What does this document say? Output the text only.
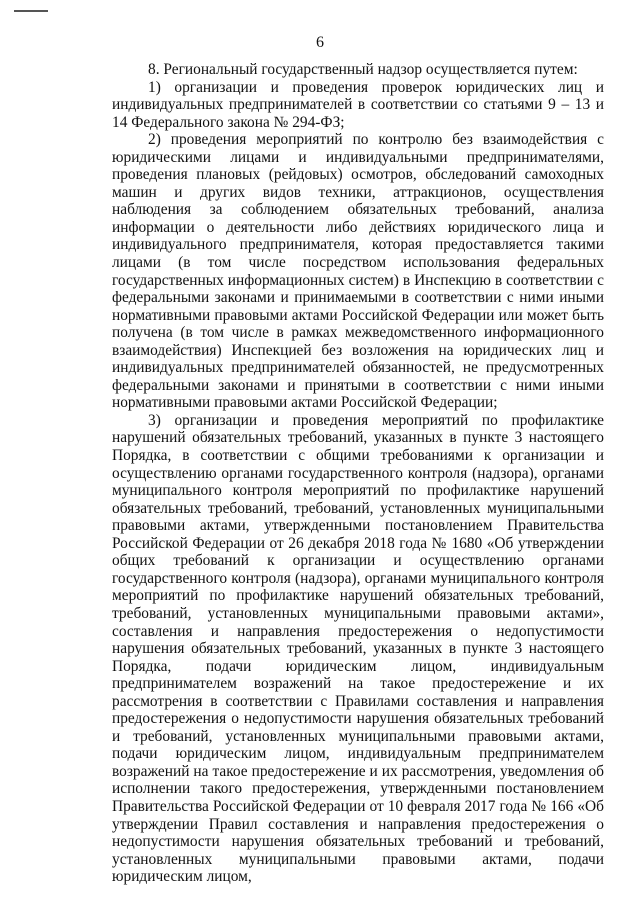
6

8. Региональный государственный надзор осуществляется путем:

1) организации и проведения проверок юридических лиц и индивидуальных предпринимателей в соответствии со статьями 9 – 13 и 14 Федерального закона № 294-ФЗ;

2) проведения мероприятий по контролю без взаимодействия с юридическими лицами и индивидуальными предпринимателями, проведения плановых (рейдовых) осмотров, обследований самоходных машин и других видов техники, аттракционов, осуществления наблюдения за соблюдением обязательных требований, анализа информации о деятельности либо действиях юридического лица и индивидуального предпринимателя, которая предоставляется такими лицами (в том числе посредством использования федеральных государственных информационных систем) в Инспекцию в соответствии с федеральными законами и принимаемыми в соответствии с ними иными нормативными правовыми актами Российской Федерации или может быть получена (в том числе в рамках межведомственного информационного взаимодействия) Инспекцией без возложения на юридических лиц и индивидуальных предпринимателей обязанностей, не предусмотренных федеральными законами и принятыми в соответствии с ними иными нормативными правовыми актами Российской Федерации;

3) организации и проведения мероприятий по профилактике нарушений обязательных требований, указанных в пункте 3 настоящего Порядка, в соответствии с общими требованиями к организации и осуществлению органами государственного контроля (надзора), органами муниципального контроля мероприятий по профилактике нарушений обязательных требований, требований, установленных муниципальными правовыми актами, утвержденными постановлением Правительства Российской Федерации от 26 декабря 2018 года № 1680 «Об утверждении общих требований к организации и осуществлению органами государственного контроля (надзора), органами муниципального контроля мероприятий по профилактике нарушений обязательных требований, требований, установленных муниципальными правовыми актами», составления и направления предостережения о недопустимости нарушения обязательных требований, указанных в пункте 3 настоящего Порядка, подачи юридическим лицом, индивидуальным предпринимателем возражений на такое предостережение и их рассмотрения в соответствии с Правилами составления и направления предостережения о недопустимости нарушения обязательных требований и требований, установленных муниципальными правовыми актами, подачи юридическим лицом, индивидуальным предпринимателем возражений на такое предостережение и их рассмотрения, уведомления об исполнении такого предостережения, утвержденными постановлением Правительства Российской Федерации от 10 февраля 2017 года № 166 «Об утверждении Правил составления и направления предостережения о недопустимости нарушения обязательных требований и требований, установленных муниципальными правовыми актами, подачи юридическим лицом,
